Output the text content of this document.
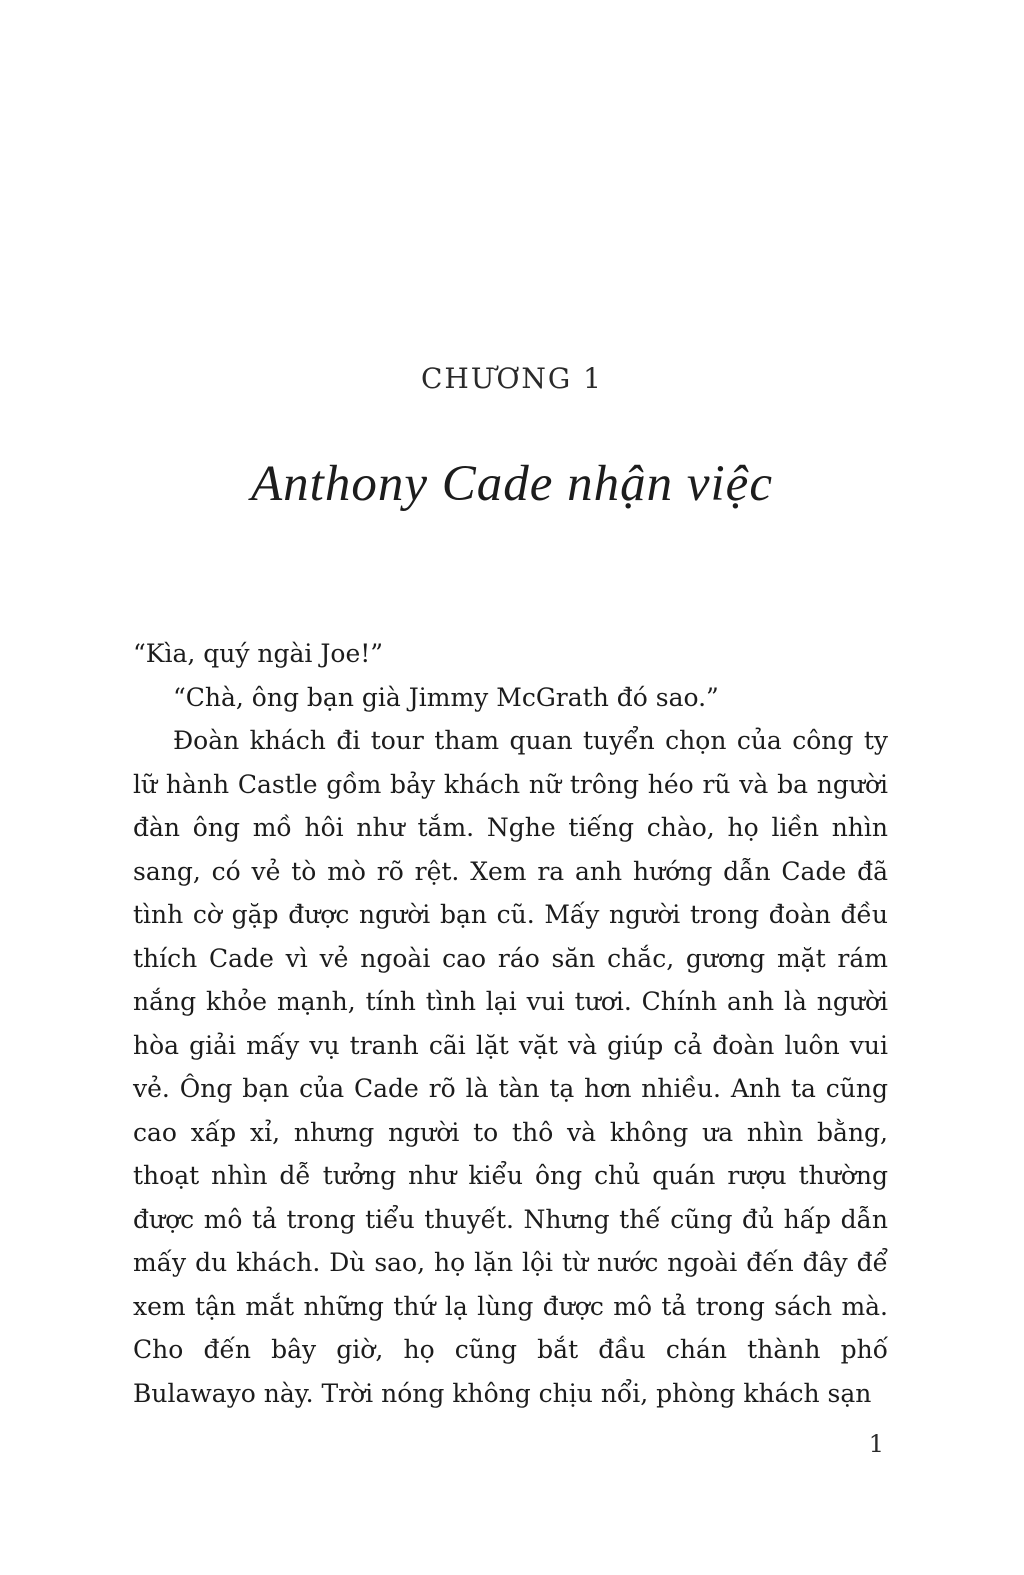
CHƯƠNG 1
Anthony Cade nhận việc

“Kìa, quý ngài Joe!”

“Chà, ông bạn già Jimmy McGrath đó sao.”

Đoàn khách đi tour tham quan tuyển chọn của công ty lữ hành Castle gồm bảy khách nữ trông héo rũ và ba người đàn ông mồ hôi như tắm. Nghe tiếng chào, họ liền nhìn sang, có vẻ tò mò rõ rệt. Xem ra anh hướng dẫn Cade đã tình cờ gặp được người bạn cũ. Mấy người trong đoàn đều thích Cade vì vẻ ngoài cao ráo săn chắc, gương mặt rám nắng khỏe mạnh, tính tình lại vui tươi. Chính anh là người hòa giải mấy vụ tranh cãi lặt vặt và giúp cả đoàn luôn vui vẻ. Ông bạn của Cade rõ là tàn tạ hơn nhiều. Anh ta cũng cao xấp xỉ, nhưng người to thô và không ưa nhìn bằng, thoạt nhìn dễ tưởng như kiểu ông chủ quán rượu thường được mô tả trong tiểu thuyết. Nhưng thế cũng đủ hấp dẫn mấy du khách. Dù sao, họ lặn lội từ nước ngoài đến đây để xem tận mắt những thứ lạ lùng được mô tả trong sách mà. Cho đến bây giờ, họ cũng bắt đầu chán thành phố Bulawayo này. Trời nóng không chịu nổi, phòng khách sạn

1
